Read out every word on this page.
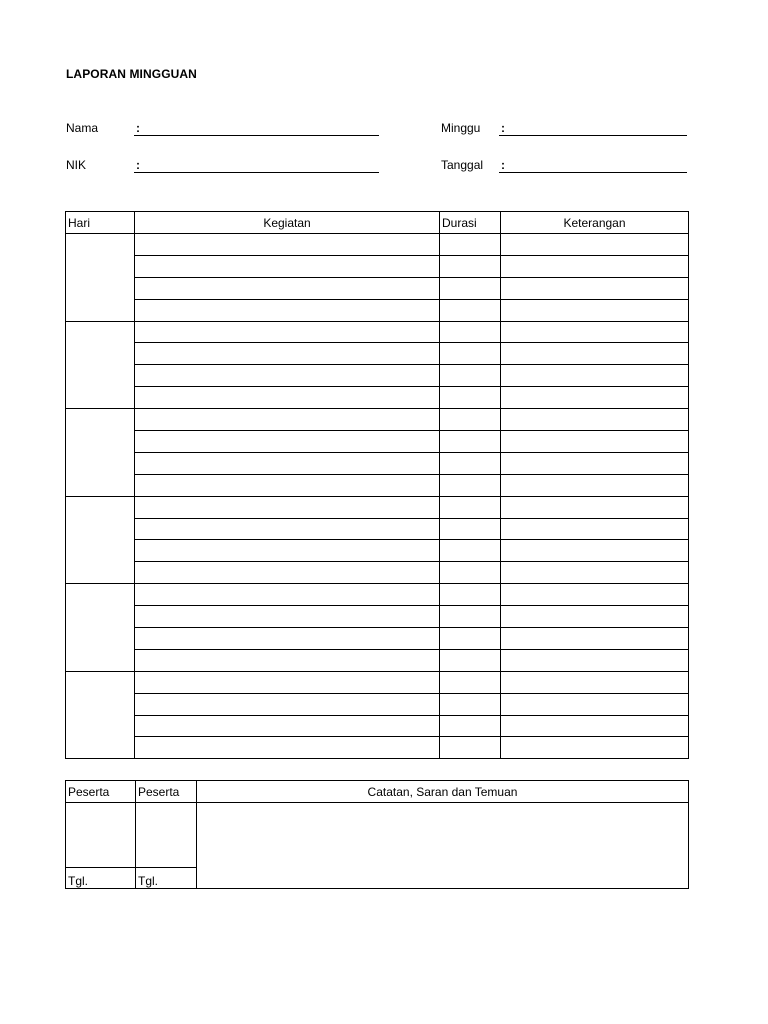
LAPORAN MINGGUAN
Nama	:
NIK	:
Minggu :
Tanggal :
Hari	Kegiatan	Durasi	Keterangan

Peserta	Peserta	Catatan, Saran dan Temuan

Tgl.	Tgl.	
